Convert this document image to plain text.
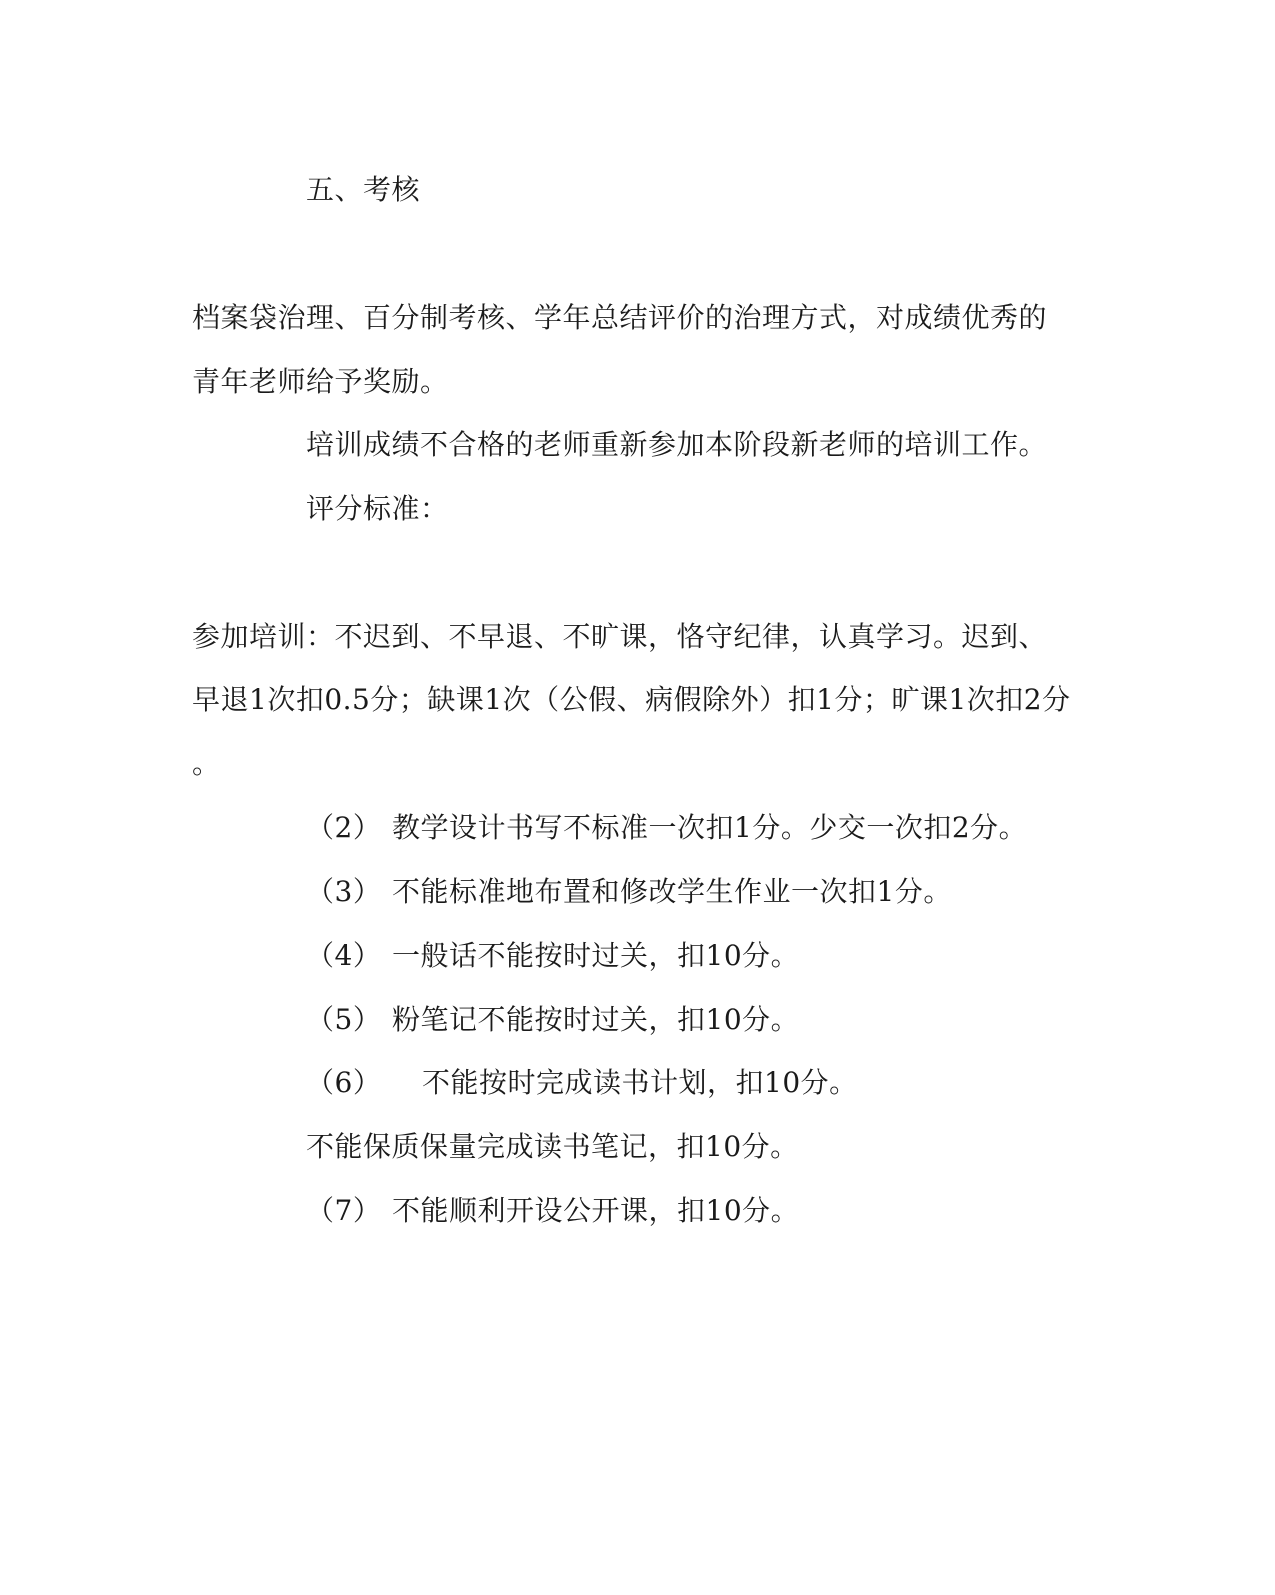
五、考核
档案袋治理、百分制考核、学年总结评价的治理方式，对成绩优秀的
青年老师给予奖励。
培训成绩不合格的老师重新参加本阶段新老师的培训工作。
评分标准：
参加培训：不迟到、不早退、不旷课，恪守纪律，认真学习。迟到、
早退1次扣0.5分；缺课1次（公假、病假除外）扣1分；旷课1次扣2分
。
（2） 教学设计书写不标准一次扣1分。少交一次扣2分。
（3） 不能标准地布置和修改学生作业一次扣1分。
（4） 一般话不能按时过关，扣10分。
（5） 粉笔记不能按时过关，扣10分。
（6） 不能按时完成读书计划，扣10分。
不能保质保量完成读书笔记，扣10分。
（7） 不能顺利开设公开课，扣10分。
